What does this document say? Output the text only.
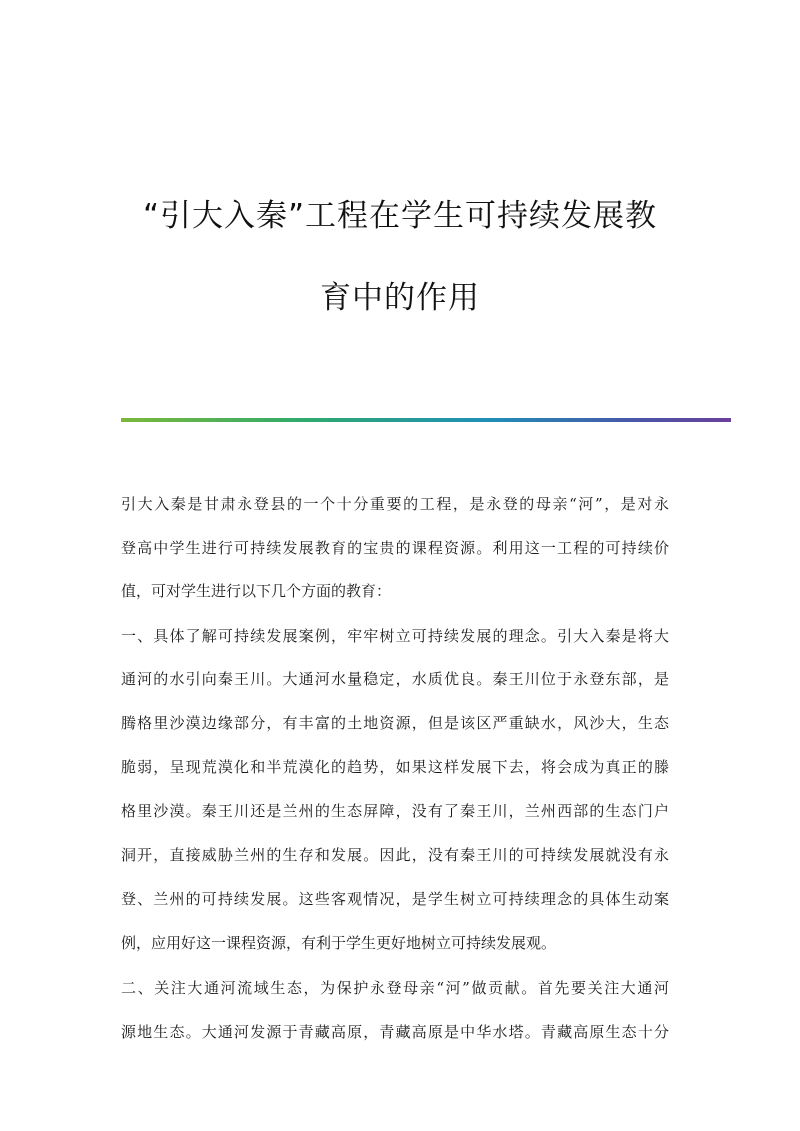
“引大入秦”工程在学生可持续发展教
育中的作用
引大入秦是甘肃永登县的一个十分重要的工程，是永登的母亲“河”，是对永
登高中学生进行可持续发展教育的宝贵的课程资源。利用这一工程的可持续价
值，可对学生进行以下几个方面的教育：
一、具体了解可持续发展案例，牢牢树立可持续发展的理念。引大入秦是将大
通河的水引向秦王川。大通河水量稳定，水质优良。秦王川位于永登东部，是
腾格里沙漠边缘部分，有丰富的土地资源，但是该区严重缺水，风沙大，生态
脆弱，呈现荒漠化和半荒漠化的趋势，如果这样发展下去，将会成为真正的滕
格里沙漠。秦王川还是兰州的生态屏障，没有了秦王川，兰州西部的生态门户
洞开，直接威胁兰州的生存和发展。因此，没有秦王川的可持续发展就没有永
登、兰州的可持续发展。这些客观情况，是学生树立可持续理念的具体生动案
例，应用好这一课程资源，有利于学生更好地树立可持续发展观。
二、关注大通河流域生态，为保护永登母亲“河”做贡献。首先要关注大通河
源地生态。大通河发源于青藏高原，青藏高原是中华水塔。青藏高原生态十分
